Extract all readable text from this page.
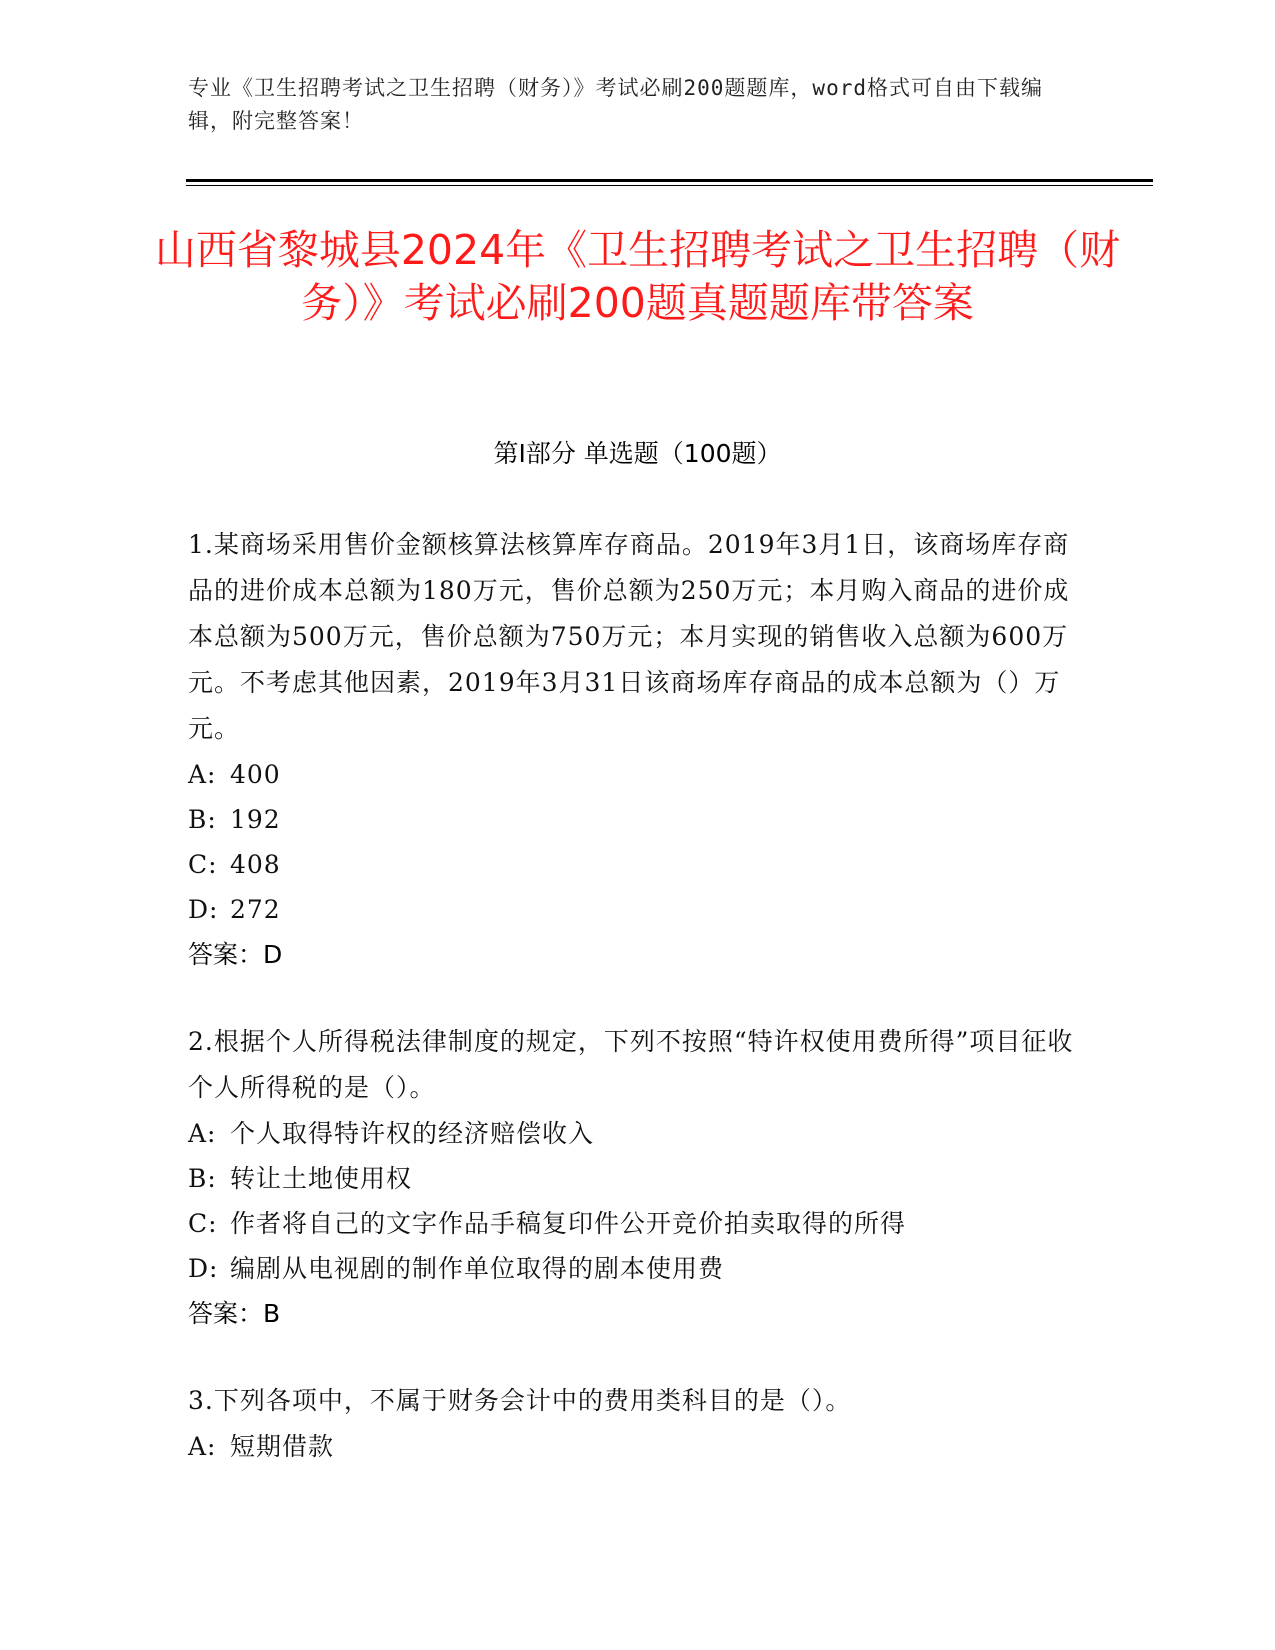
专业《卫生招聘考试之卫生招聘（财务）》考试必刷200题题库，word格式可自由下载编辑，附完整答案！
山西省黎城县2024年《卫生招聘考试之卫生招聘（财务）》考试必刷200题真题题库带答案
第I部分 单选题（100题）

1.某商场采用售价金额核算法核算库存商品。2019年3月1日，该商场库存商品的进价成本总额为180万元，售价总额为250万元；本月购入商品的进价成本总额为500万元，售价总额为750万元；本月实现的销售收入总额为600万元。不考虑其他因素，2019年3月31日该商场库存商品的成本总额为（）万元。

A: 400
B: 192
C: 408
D: 272

答案：D

2.根据个人所得税法律制度的规定，下列不按照“特许权使用费所得”项目征收个人所得税的是（）。

A: 个人取得特许权的经济赔偿收入
B: 转让土地使用权
C: 作者将自己的文字作品手稿复印件公开竞价拍卖取得的所得
D: 编剧从电视剧的制作单位取得的剧本使用费

答案：B

3.下列各项中，不属于财务会计中的费用类科目的是（）。

A: 短期借款
